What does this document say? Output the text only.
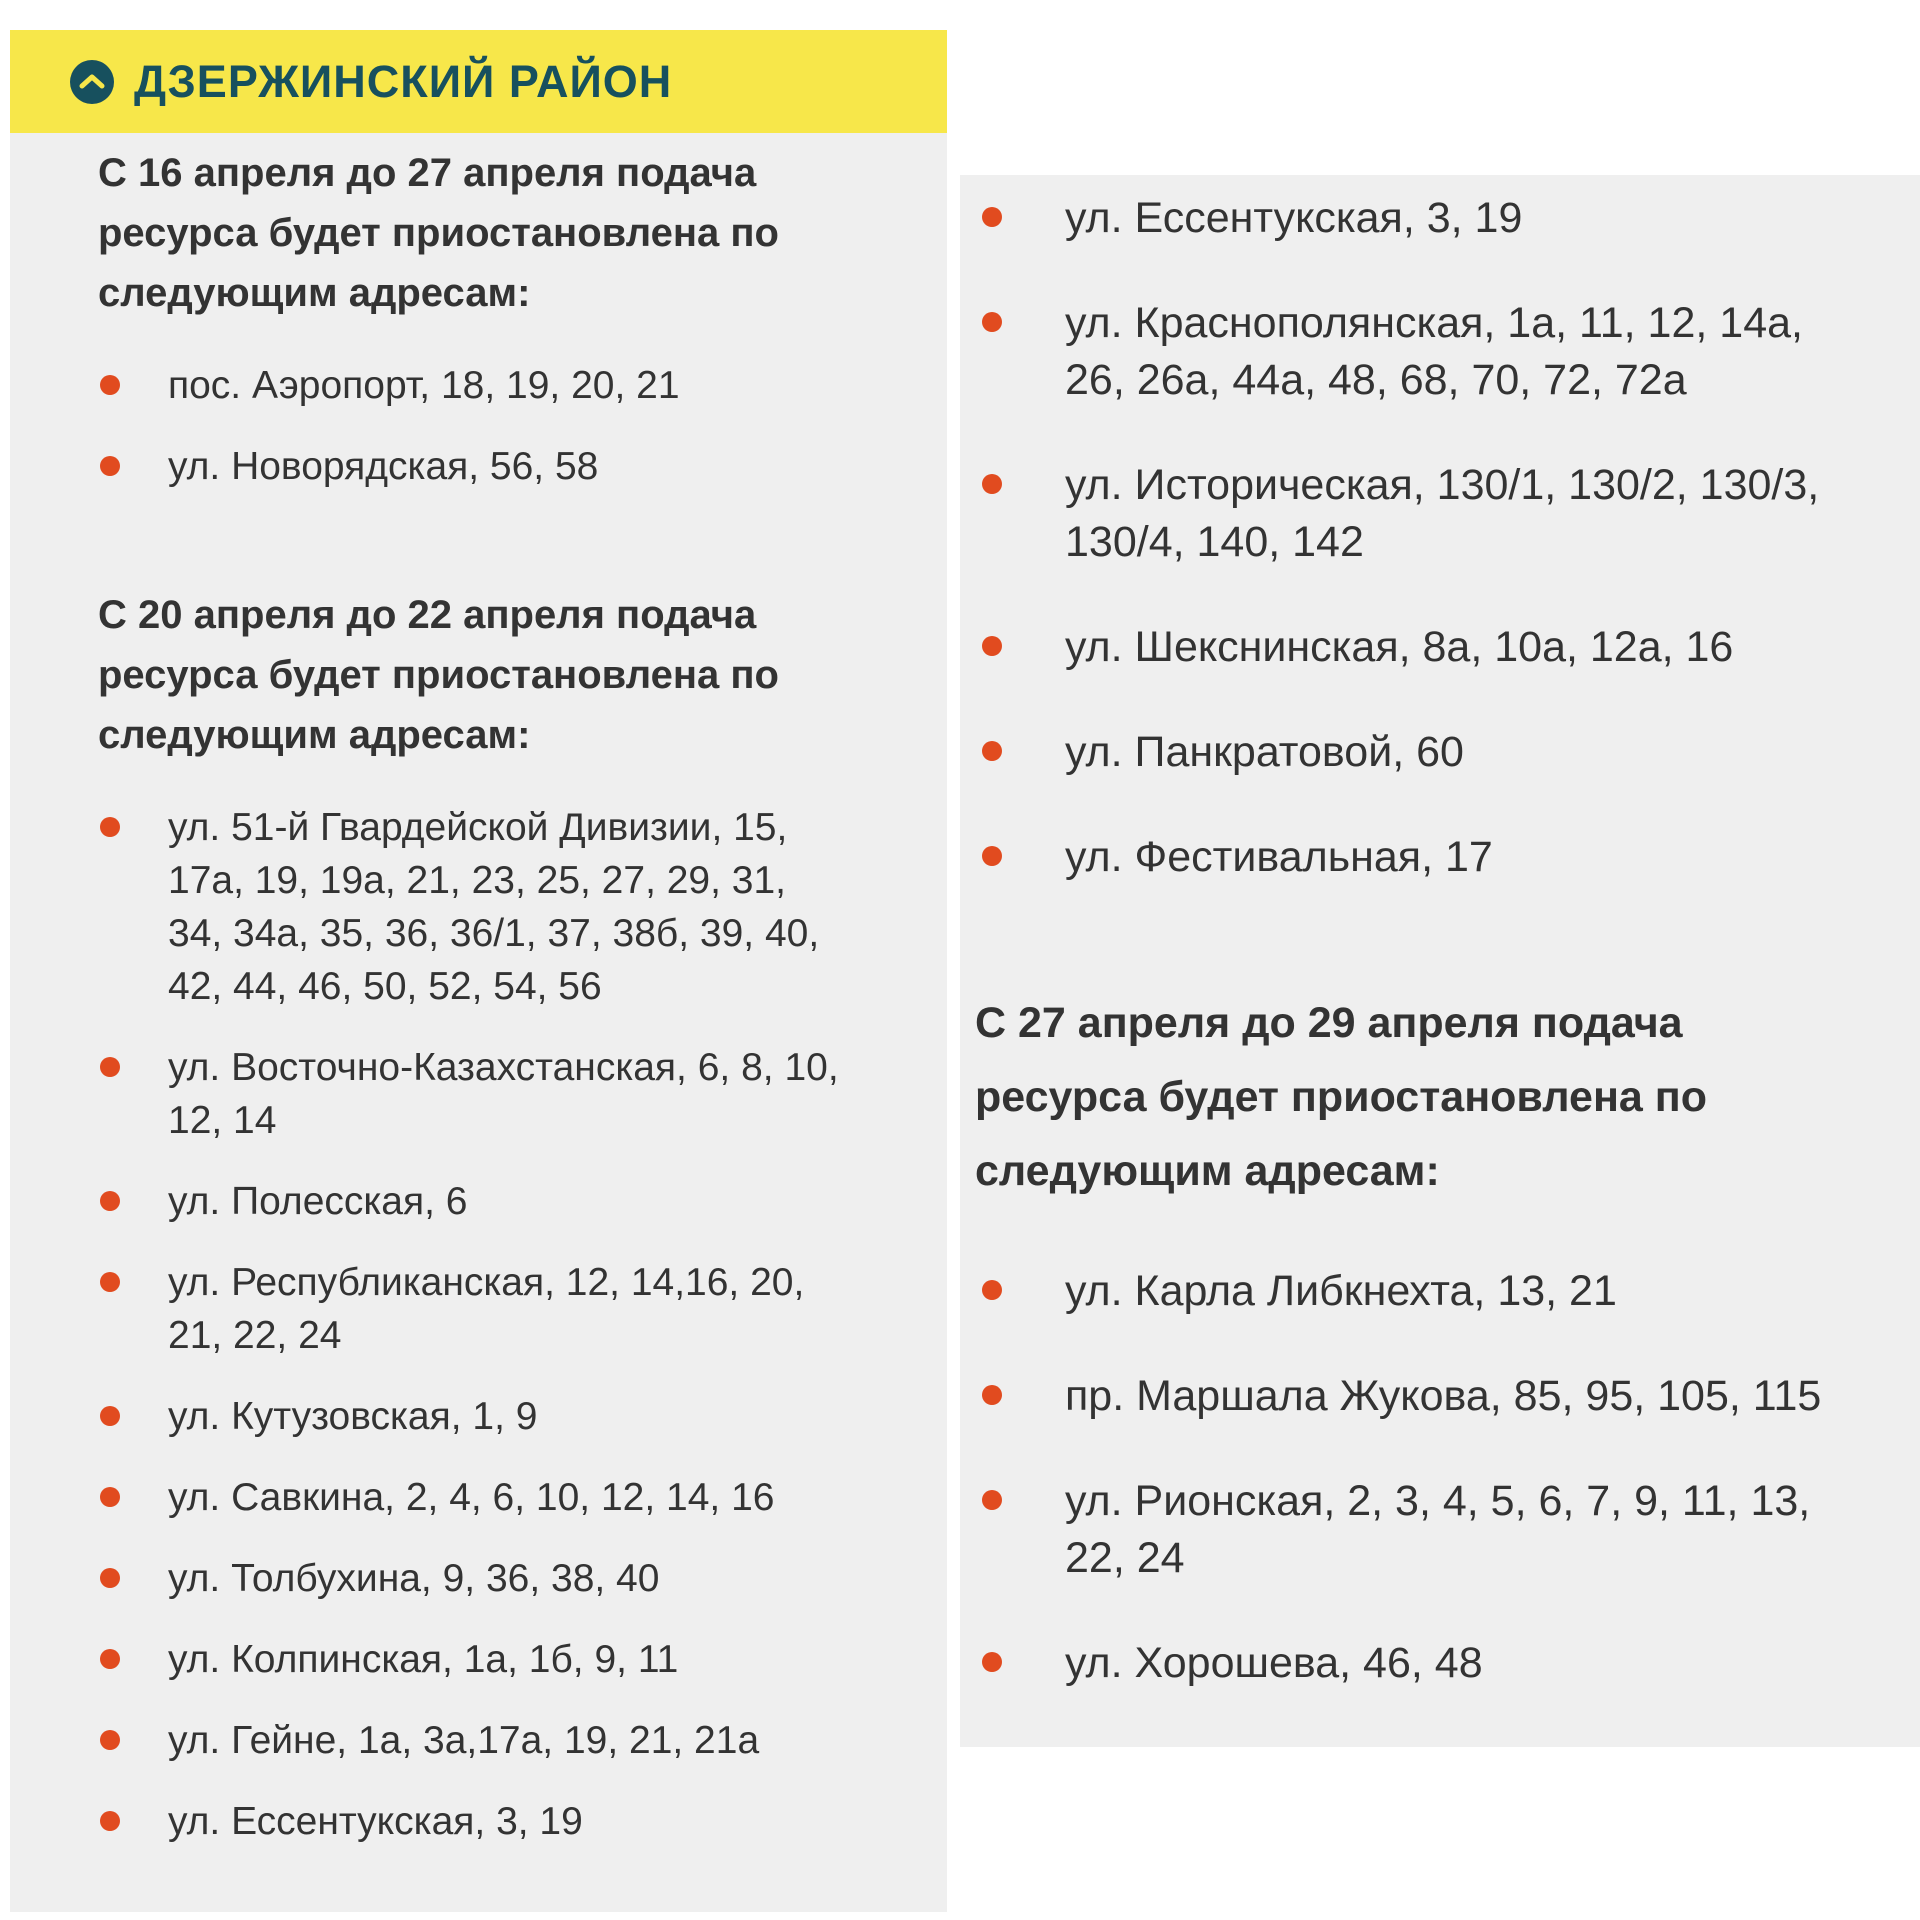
ДЗЕРЖИНСКИЙ РАЙОН
С 16 апреля до 27 апреля подача ресурса будет приостановлена по следующим адресам:
пос. Аэропорт, 18, 19, 20, 21
ул. Новорядская, 56, 58
С 20 апреля до 22 апреля подача ресурса будет приостановлена по следующим адресам:
ул. 51-й Гвардейской Дивизии, 15, 17а, 19, 19а, 21, 23, 25, 27, 29, 31, 34, 34а, 35, 36, 36/1, 37, 38б, 39, 40, 42, 44, 46, 50, 52, 54, 56
ул. Восточно-Казахстанская, 6, 8, 10, 12, 14
ул. Полесская, 6
ул. Республиканская, 12, 14,16, 20, 21, 22, 24
ул. Кутузовская, 1, 9
ул. Савкина, 2, 4, 6, 10, 12, 14, 16
ул. Толбухина, 9, 36, 38, 40
ул. Колпинская, 1а, 1б, 9, 11
ул. Гейне, 1а, 3а,17а, 19, 21, 21а
ул. Ессентукская, 3, 19
ул. Ессентукская, 3, 19
ул. Краснополянская, 1а, 11, 12, 14а, 26, 26а, 44а, 48, 68, 70, 72, 72а
ул. Историческая, 130/1, 130/2, 130/3, 130/4, 140, 142
ул. Шекснинская, 8а, 10а, 12а, 16
ул. Панкратовой, 60
ул. Фестивальная, 17
С 27 апреля до 29 апреля подача ресурса будет приостановлена по следующим адресам:
ул. Карла Либкнехта, 13, 21
пр. Маршала Жукова, 85, 95, 105, 115
ул. Рионская, 2, 3, 4, 5, 6, 7, 9, 11, 13, 22, 24
ул. Хорошева, 46, 48
